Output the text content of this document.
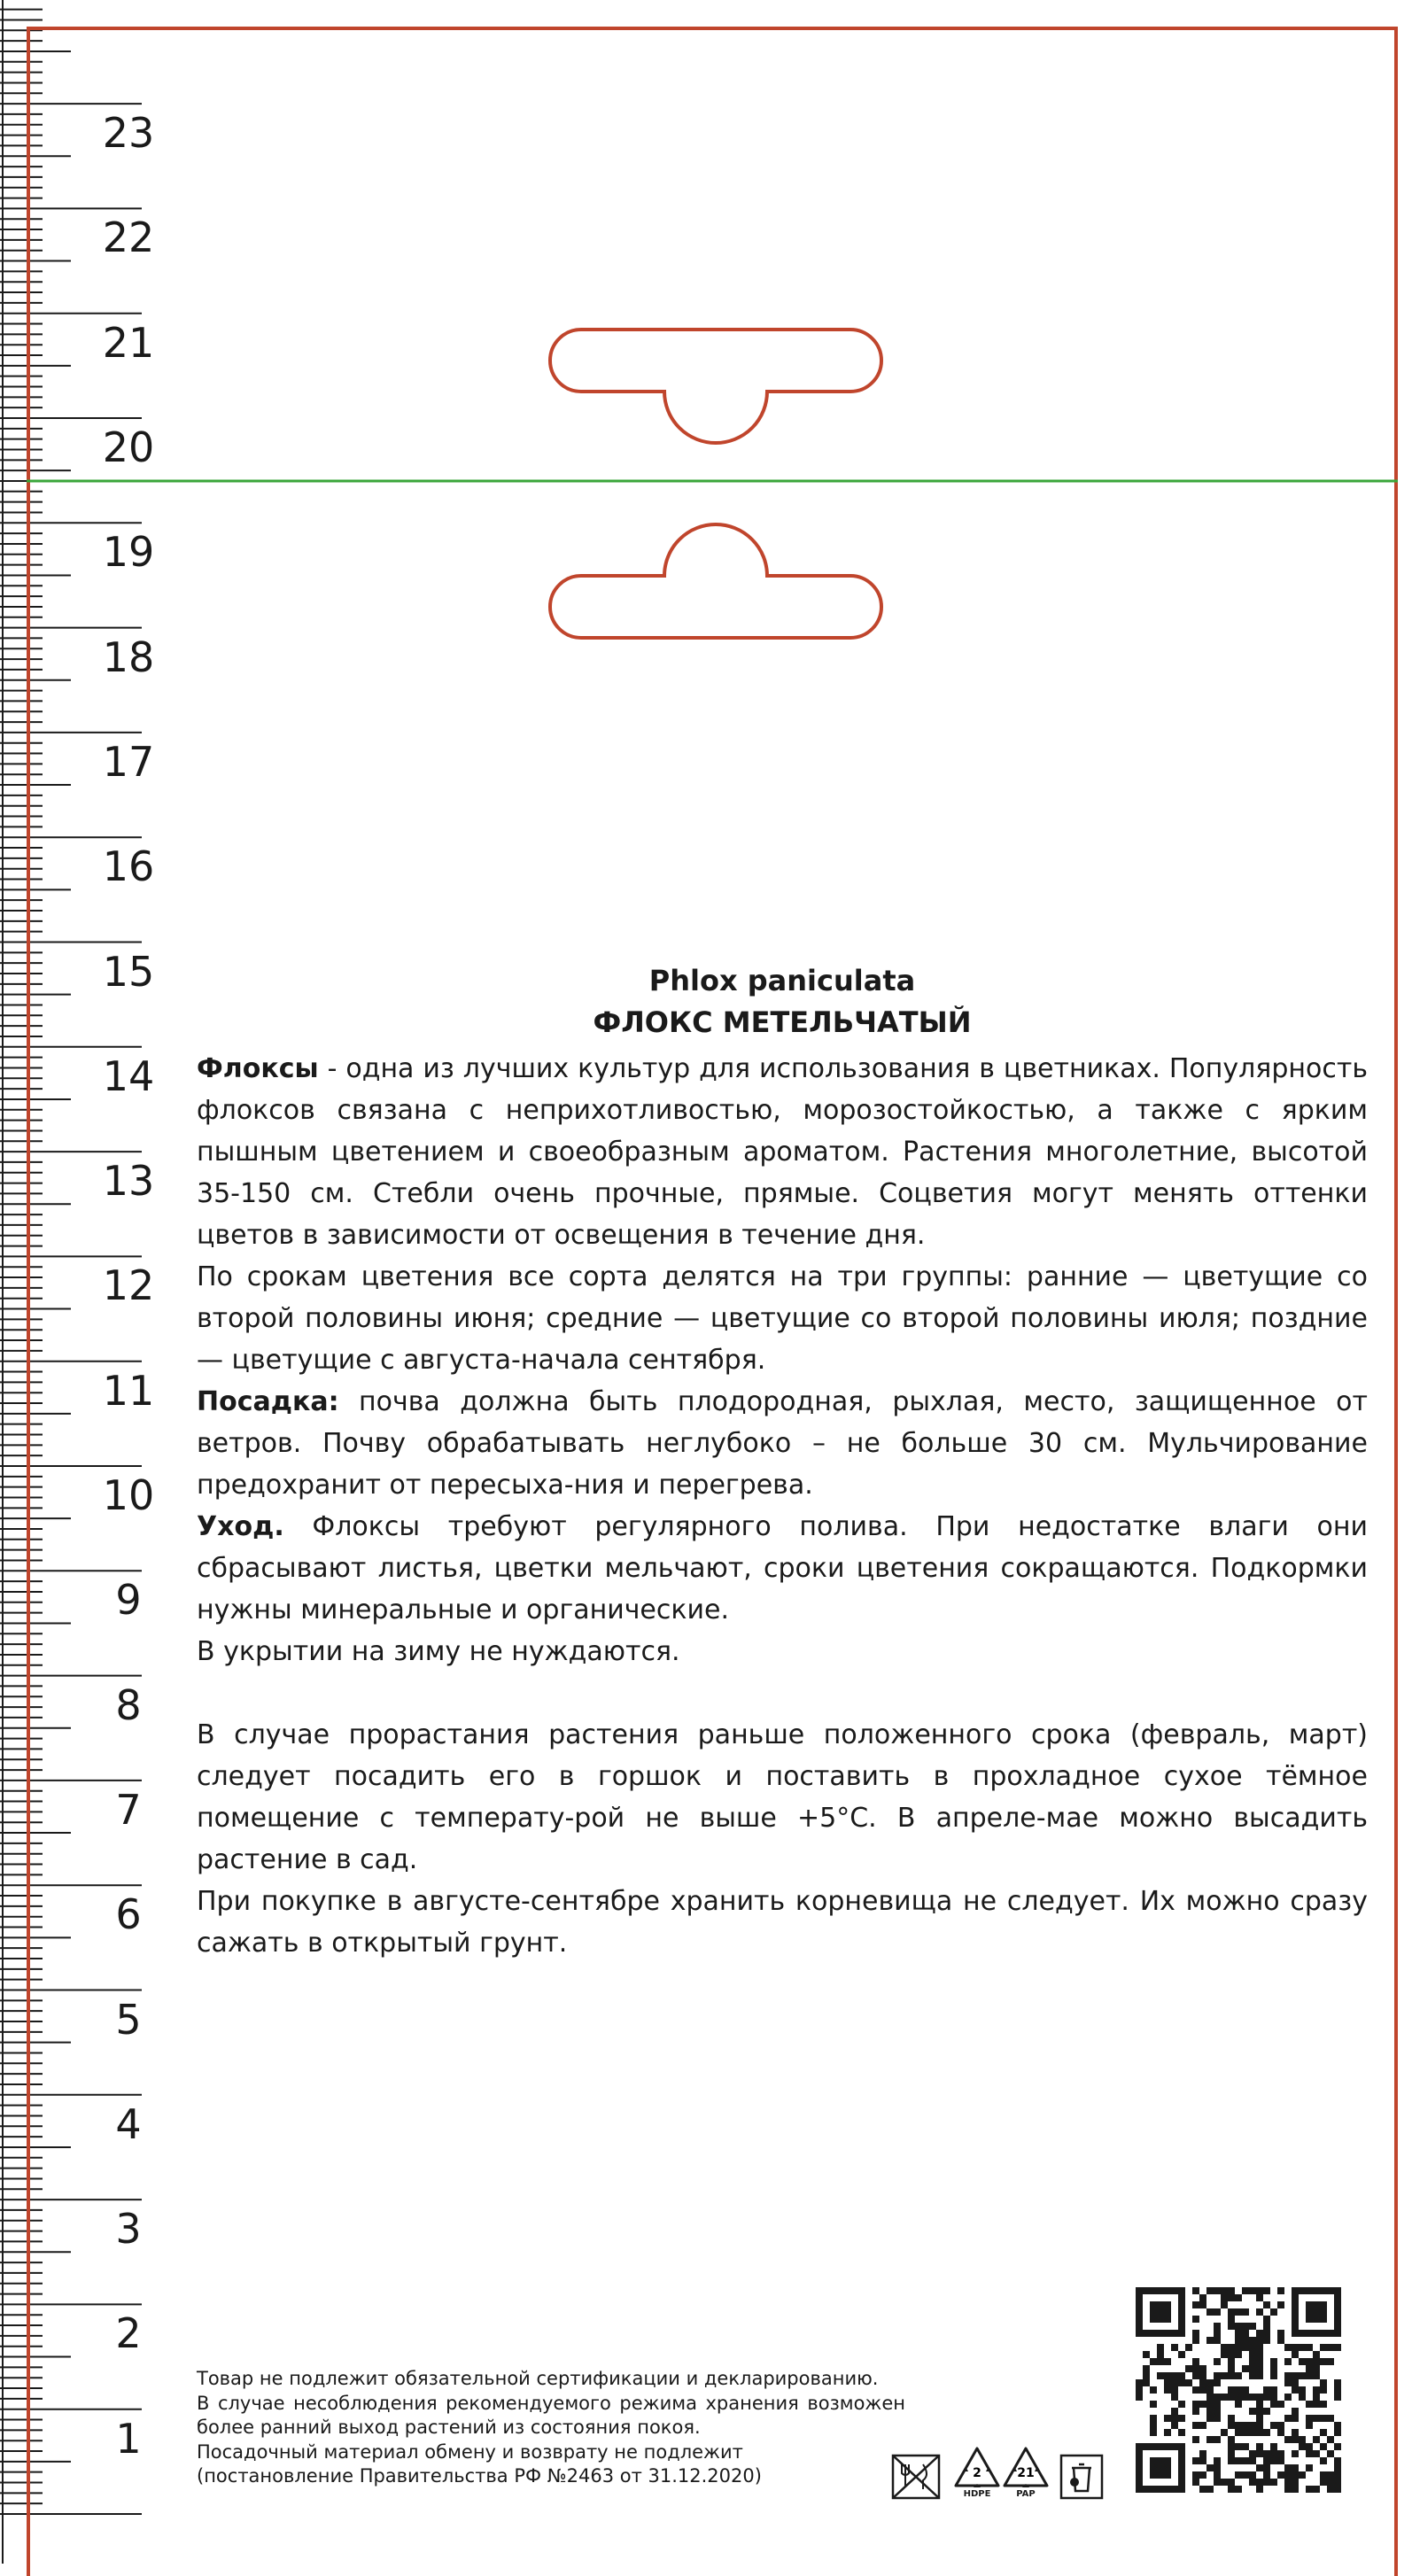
23
22
21
20
19
18
17
16
15
14
13
12
11
10
9
8
7
6
5
4
3
2
1
Phlox paniculata
ФЛОКС МЕТЕЛЬЧАТЫЙ

Флоксы - одна из лучших культур для использования в цветниках. Популярность флоксов связана с неприхотливостью, морозостойкостью, а также с ярким пышным цветением и своеобразным ароматом. Растения многолетние, высотой 35-150 см. Стебли очень прочные, прямые. Соцветия могут менять оттенки цветов в зависимости от освещения в течение дня.

По срокам цветения все сорта делятся на три группы: ранние — цветущие со второй половины июня; средние — цветущие со второй половины июля; поздние — цветущие с августа-начала сентября.

Посадка: почва должна быть плодородная, рыхлая, место, защищенное от ветров. Почву обрабатывать неглубоко – не больше 30 см. Мульчирование предохранит от пересыха-ния и перегрева.

Уход. Флоксы требуют регулярного полива. При недостатке влаги они сбрасывают листья, цветки мельчают, сроки цветения сокращаются. Подкормки нужны минеральные и органические.

В укрытии на зиму не нуждаются.

В случае прорастания растения раньше положенного срока (февраль, март) следует посадить его в горшок и поставить в прохладное сухое тёмное помещение с температу-рой не выше +5°С. В апреле-мае можно высадить растение в сад.

При покупке в августе-сентябре хранить корневища не следует. Их можно сразу сажать в открытый грунт.

Товар не подлежит обязательной сертификации и декларированию.

В случае несоблюдения рекомендуемого режима хранения возможен более ранний выход растений из состояния покоя.

Посадочный материал обмену и возврату не подлежит

(постановление Правительства РФ №2463 от 31.12.2020)	2
HDPE
21
PAP
